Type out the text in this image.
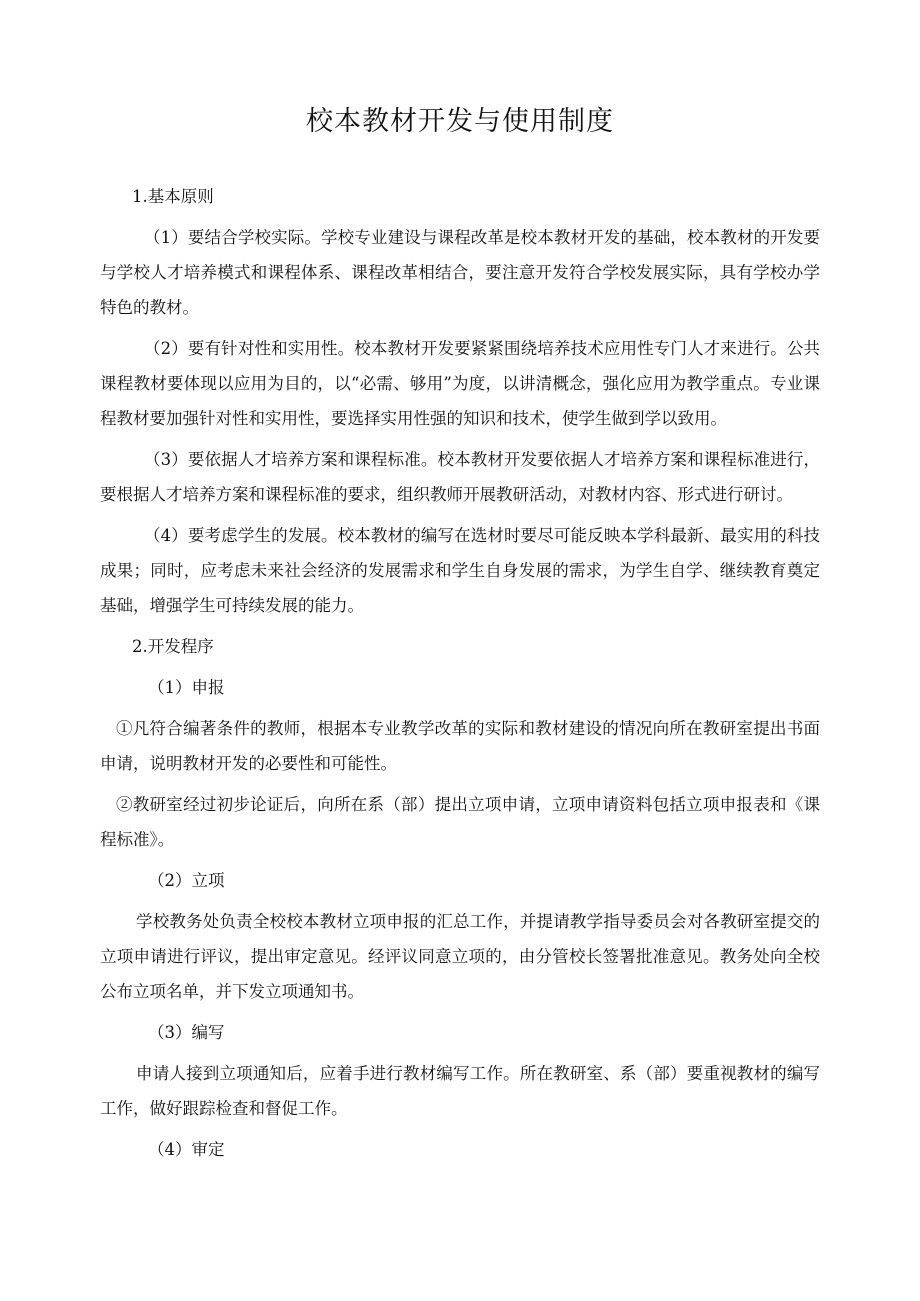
校本教材开发与使用制度

1.基本原则

（1）要结合学校实际。学校专业建设与课程改革是校本教材开发的基础，校本教材的开发要与学校人才培养模式和课程体系、课程改革相结合，要注意开发符合学校发展实际，具有学校办学特色的教材。

（2）要有针对性和实用性。校本教材开发要紧紧围绕培养技术应用性专门人才来进行。公共课程教材要体现以应用为目的，以“必需、够用”为度，以讲清概念，强化应用为教学重点。专业课程教材要加强针对性和实用性，要选择实用性强的知识和技术，使学生做到学以致用。

（3）要依据人才培养方案和课程标准。校本教材开发要依据人才培养方案和课程标准进行，要根据人才培养方案和课程标准的要求，组织教师开展教研活动，对教材内容、形式进行研讨。

（4）要考虑学生的发展。校本教材的编写在选材时要尽可能反映本学科最新、最实用的科技成果；同时，应考虑未来社会经济的发展需求和学生自身发展的需求，为学生自学、继续教育奠定基础，增强学生可持续发展的能力。

2.开发程序

（1）申报

①凡符合编著条件的教师，根据本专业教学改革的实际和教材建设的情况向所在教研室提出书面申请，说明教材开发的必要性和可能性。

②教研室经过初步论证后，向所在系（部）提出立项申请，立项申请资料包括立项申报表和《课程标准》。

（2）立项

学校教务处负责全校校本教材立项申报的汇总工作，并提请教学指导委员会对各教研室提交的立项申请进行评议，提出审定意见。经评议同意立项的，由分管校长签署批准意见。教务处向全校公布立项名单，并下发立项通知书。

（3）编写

申请人接到立项通知后，应着手进行教材编写工作。所在教研室、系（部）要重视教材的编写工作，做好跟踪检查和督促工作。

（4）审定
